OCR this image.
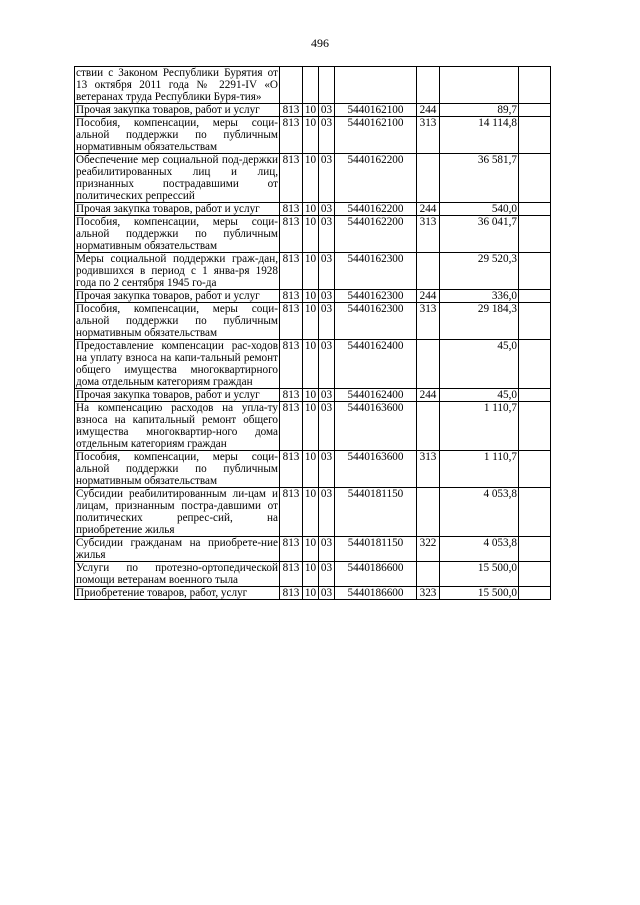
496
ствии с Законом Республики Бурятия от 13 октября 2011 года № 2291-IV «О ветеранах труда Республики Буря-тия»							
Прочая закупка товаров, работ и услуг	813	10	03	5440162100	244	89,7	
Пособия, компенсации, меры соци-альной поддержки по публичным нормативным обязательствам	813	10	03	5440162100	313	14 114,8	
Обеспечение мер социальной под-держки реабилитированных лиц и лиц, признанных пострадавшими от политических репрессий	813	10	03	5440162200		36 581,7	
Прочая закупка товаров, работ и услуг	813	10	03	5440162200	244	540,0	
Пособия, компенсации, меры соци-альной поддержки по публичным нормативным обязательствам	813	10	03	5440162200	313	36 041,7	
Меры социальной поддержки граж-дан, родившихся в период с 1 янва-ря 1928 года по 2 сентября 1945 го-да	813	10	03	5440162300		29 520,3	
Прочая закупка товаров, работ и услуг	813	10	03	5440162300	244	336,0	
Пособия, компенсации, меры соци-альной поддержки по публичным нормативным обязательствам	813	10	03	5440162300	313	29 184,3	
Предоставление компенсации рас-ходов на уплату взноса на капи-тальный ремонт общего имущества многоквартирного дома отдельным категориям граждан	813	10	03	5440162400		45,0	
Прочая закупка товаров, работ и услуг	813	10	03	5440162400	244	45,0	
На компенсацию расходов на упла-ту взноса на капитальный ремонт общего имущества многоквартир-ного дома отдельным категориям граждан	813	10	03	5440163600		1 110,7	
Пособия, компенсации, меры соци-альной поддержки по публичным нормативным обязательствам	813	10	03	5440163600	313	1 110,7	
Субсидии реабилитированным ли-цам и лицам, признанным постра-давшими от политических репрес-сий, на приобретение жилья	813	10	03	5440181150		4 053,8	
Субсидии гражданам на приобрете-ние жилья	813	10	03	5440181150	322	4 053,8	
Услуги по протезно-ортопедической помощи ветеранам военного тыла	813	10	03	5440186600		15 500,0	
Приобретение товаров, работ, услуг	813	10	03	5440186600	323	15 500,0	
